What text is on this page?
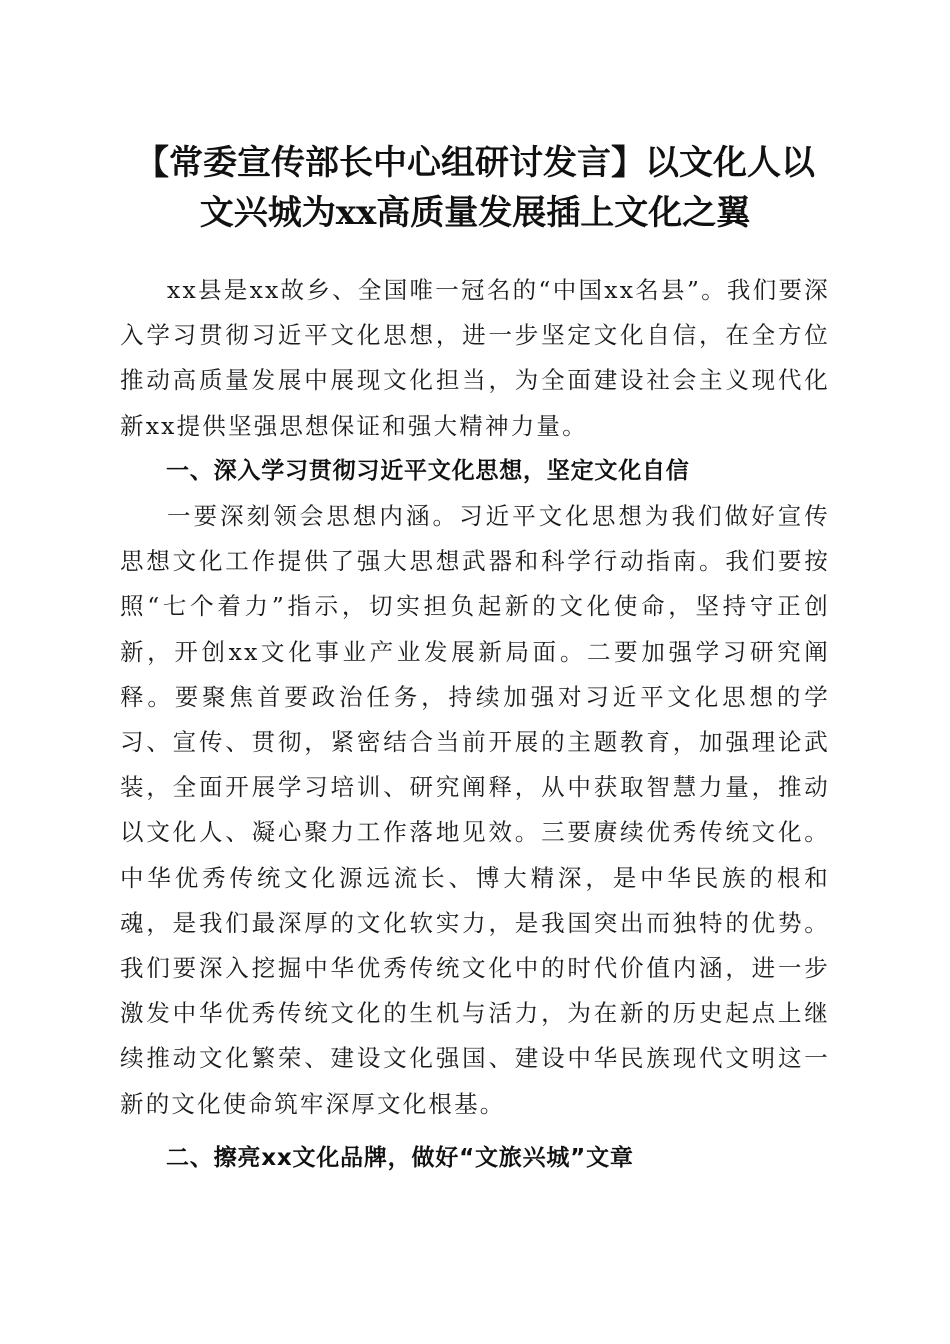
【常委宣传部长中心组研讨发言】以文化人以
文兴城为xx高质量发展插上文化之翼

xx县是xx故乡、全国唯一冠名的“中国xx名县”。我们要深入学习贯彻习近平文化思想，进一步坚定文化自信，在全方位推动高质量发展中展现文化担当，为全面建设社会主义现代化新xx提供坚强思想保证和强大精神力量。

一、深入学习贯彻习近平文化思想，坚定文化自信

一要深刻领会思想内涵。习近平文化思想为我们做好宣传思想文化工作提供了强大思想武器和科学行动指南。我们要按照“七个着力”指示，切实担负起新的文化使命，坚持守正创新，开创xx文化事业产业发展新局面。二要加强学习研究阐释。要聚焦首要政治任务，持续加强对习近平文化思想的学习、宣传、贯彻，紧密结合当前开展的主题教育，加强理论武装，全面开展学习培训、研究阐释，从中获取智慧力量，推动以文化人、凝心聚力工作落地见效。三要赓续优秀传统文化。中华优秀传统文化源远流长、博大精深，是中华民族的根和魂，是我们最深厚的文化软实力，是我国突出而独特的优势。我们要深入挖掘中华优秀传统文化中的时代价值内涵，进一步激发中华优秀传统文化的生机与活力，为在新的历史起点上继续推动文化繁荣、建设文化强国、建设中华民族现代文明这一新的文化使命筑牢深厚文化根基。

二、擦亮xx文化品牌，做好“文旅兴城”文章
